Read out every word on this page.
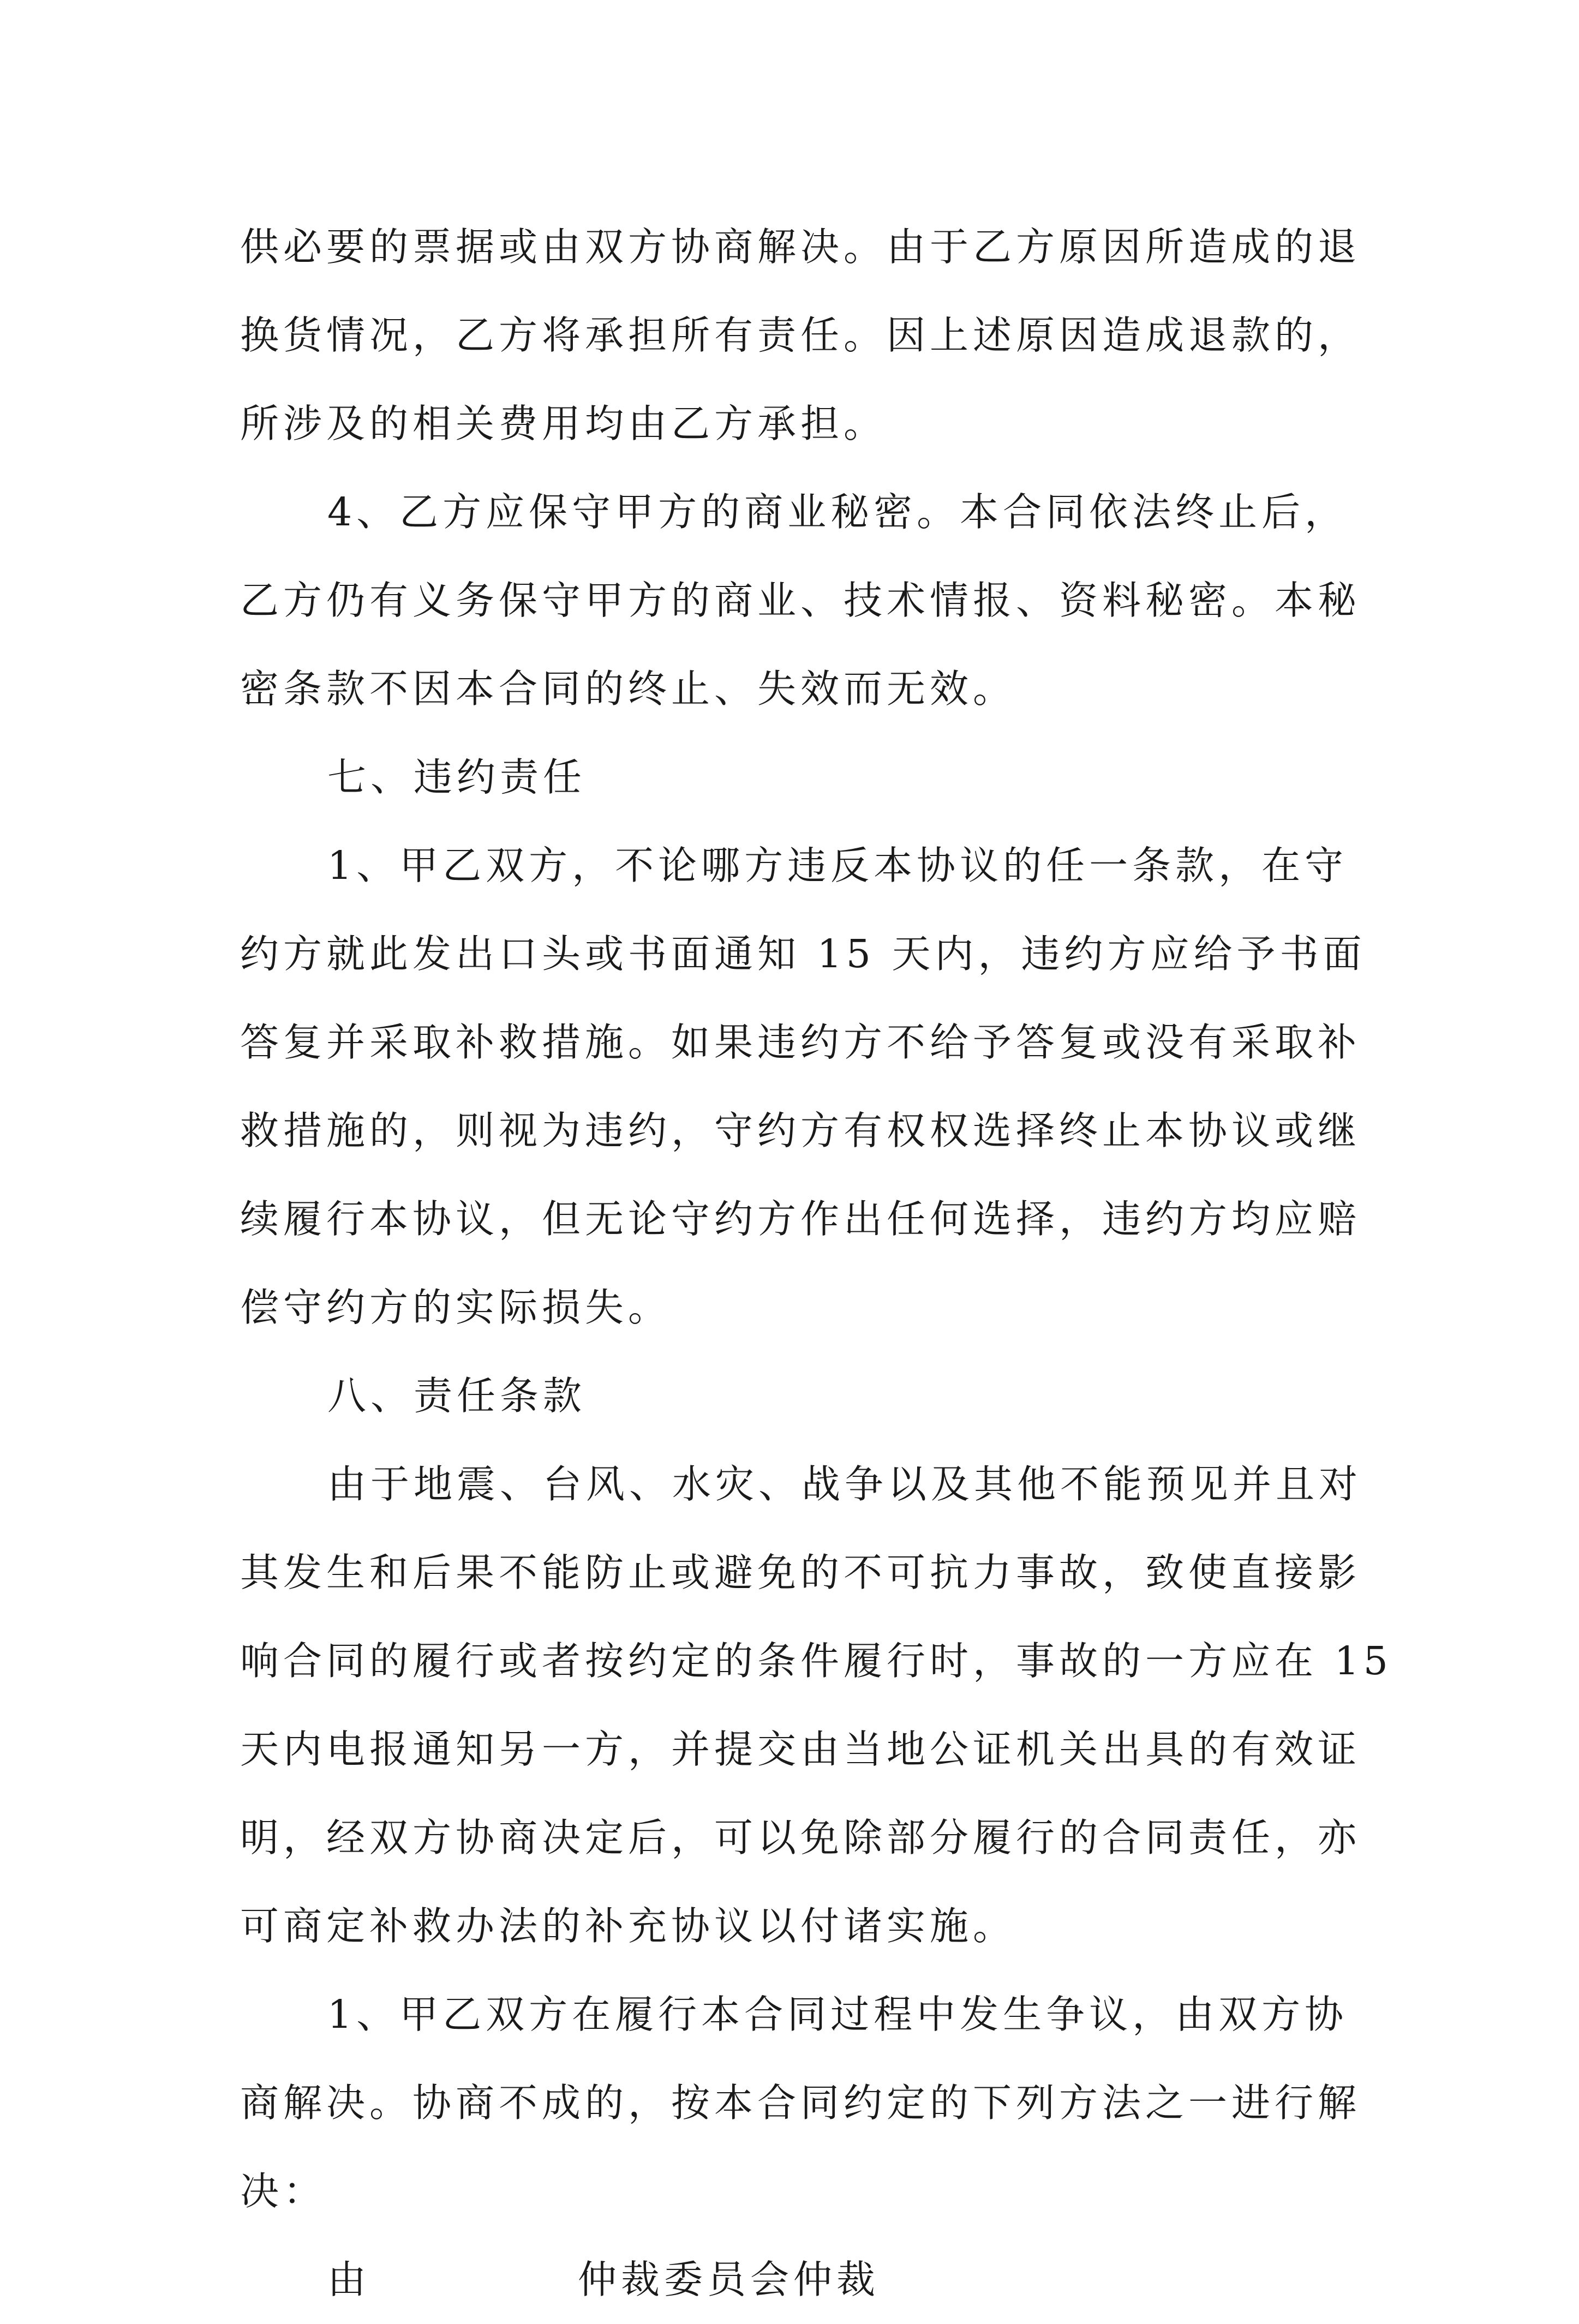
供必要的票据或由双方协商解决。由于乙方原因所造成的退
换货情况，乙方将承担所有责任。因上述原因造成退款的，
所涉及的相关费用均由乙方承担。
4、乙方应保守甲方的商业秘密。本合同依法终止后，
乙方仍有义务保守甲方的商业、技术情报、资料秘密。本秘
密条款不因本合同的终止、失效而无效。
七、违约责任
1、甲乙双方，不论哪方违反本协议的任一条款，在守
约方就此发出口头或书面通知 15 天内，违约方应给予书面
答复并采取补救措施。如果违约方不给予答复或没有采取补
救措施的，则视为违约，守约方有权权选择终止本协议或继
续履行本协议，但无论守约方作出任何选择，违约方均应赔
偿守约方的实际损失。
八、责任条款
由于地震、台风、水灾、战争以及其他不能预见并且对
其发生和后果不能防止或避免的不可抗力事故，致使直接影
响合同的履行或者按约定的条件履行时，事故的一方应在 15
天内电报通知另一方，并提交由当地公证机关出具的有效证
明，经双方协商决定后，可以免除部分履行的合同责任，亦
可商定补救办法的补充协议以付诸实施。
1、甲乙双方在履行本合同过程中发生争议，由双方协
商解决。协商不成的，按本合同约定的下列方法之一进行解
决：
由	仲裁委员会仲裁
